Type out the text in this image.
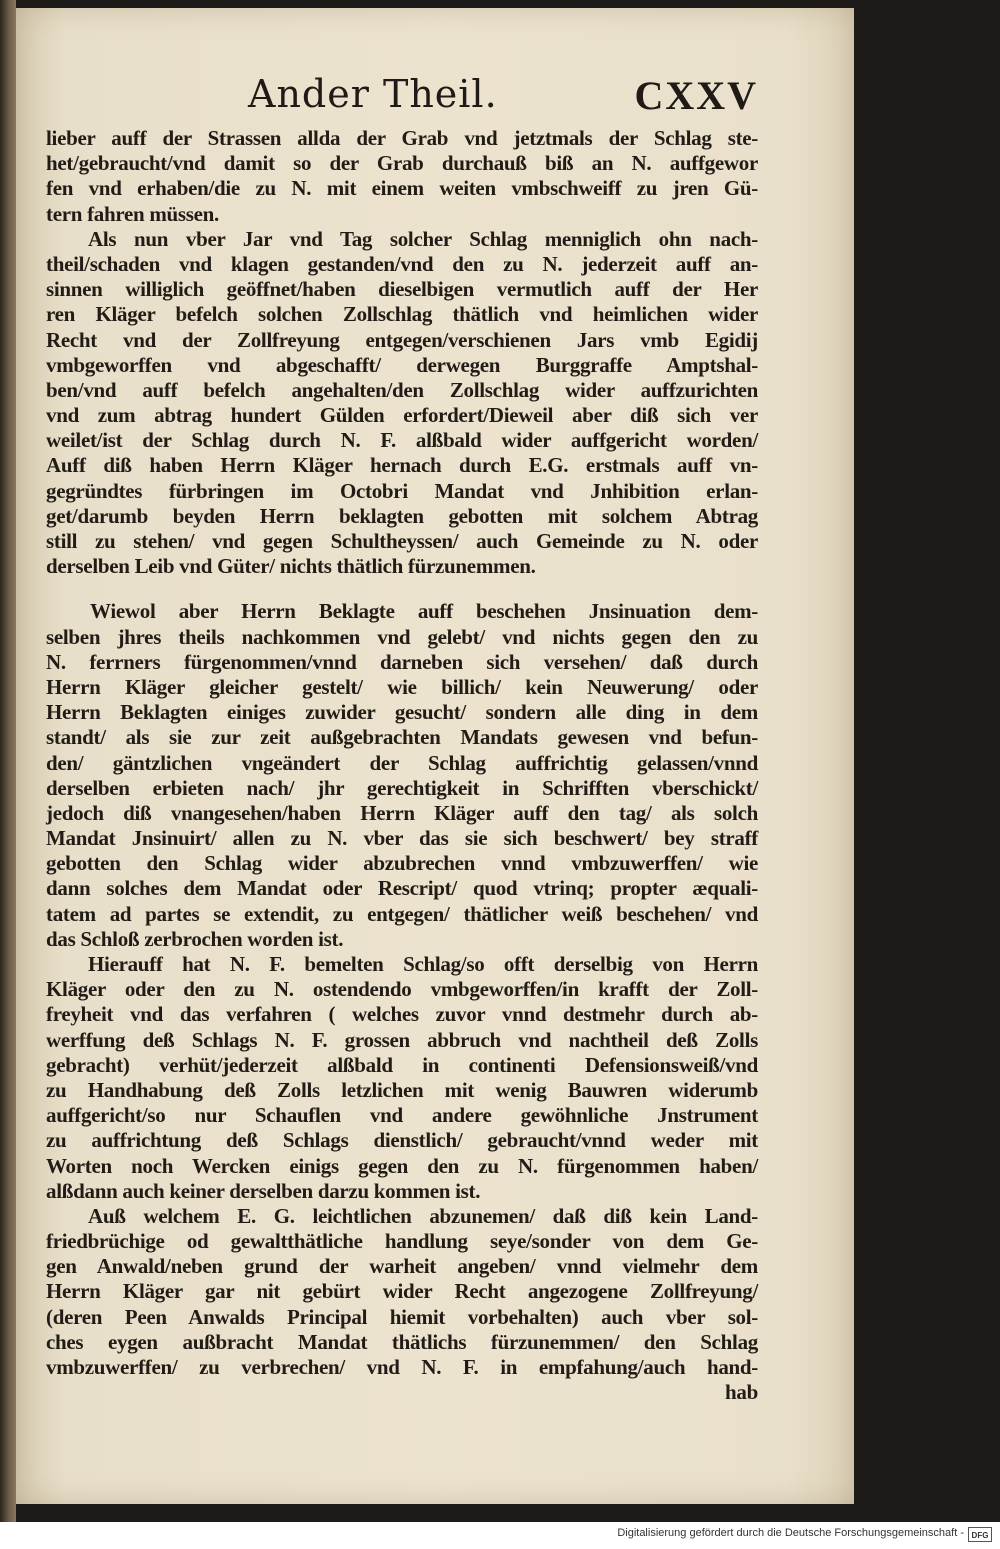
Ander Theil.	CXXV
lieber auff der Strassen allda der Grab vnd jetztmals der Schlag ste-
het/gebraucht/vnd damit so der Grab durchauß biß an N. auffgewor
fen vnd erhaben/die zu N. mit einem weiten vmbschweiff zu jren Gü-
tern fahren müssen.
Als nun vber Jar vnd Tag solcher Schlag menniglich ohn nach-
theil/schaden vnd klagen gestanden/vnd den zu N. jederzeit auff an-
sinnen williglich geöffnet/haben dieselbigen vermutlich auff der Her
ren Kläger befelch solchen Zollschlag thätlich vnd heimlichen wider
Recht vnd der Zollfreyung entgegen/verschienen Jars vmb Egidij
vmbgeworffen vnd abgeschafft/ derwegen Burggraffe Amptshal-
ben/vnd auff befelch angehalten/den Zollschlag wider auffzurichten
vnd zum abtrag hundert Gülden erfordert/Dieweil aber diß sich ver
weilet/ist der Schlag durch N. F. alßbald wider auffgericht worden/
Auff diß haben Herrn Kläger hernach durch E.G. erstmals auff vn-
gegründtes fürbringen im Octobri Mandat vnd Jnhibition erlan-
get/darumb beyden Herrn beklagten gebotten mit solchem Abtrag
still zu stehen/ vnd gegen Schultheyssen/ auch Gemeinde zu N. oder
derselben Leib vnd Güter/ nichts thätlich fürzunemmen.
Wiewol aber Herrn Beklagte auff beschehen Jnsinuation dem-
selben jhres theils nachkommen vnd gelebt/ vnd nichts gegen den zu
N. ferrners fürgenommen/vnnd darneben sich versehen/ daß durch
Herrn Kläger gleicher gestelt/ wie billich/ kein Neuwerung/ oder
Herrn Beklagten einiges zuwider gesucht/ sondern alle ding in dem
standt/ als sie zur zeit außgebrachten Mandats gewesen vnd befun-
den/ gäntzlichen vngeändert der Schlag auffrichtig gelassen/vnnd
derselben erbieten nach/ jhr gerechtigkeit in Schrifften vberschickt/
jedoch diß vnangesehen/haben Herrn Kläger auff den tag/ als solch
Mandat Jnsinuirt/ allen zu N. vber das sie sich beschwert/ bey straff
gebotten den Schlag wider abzubrechen vnnd vmbzuwerffen/ wie
dann solches dem Mandat oder Rescript/ quod vtrinq; propter æquali-
tatem ad partes se extendit, zu entgegen/ thätlicher weiß beschehen/ vnd
das Schloß zerbrochen worden ist.
Hierauff hat N. F. bemelten Schlag/so offt derselbig von Herrn
Kläger oder den zu N. ostendendo vmbgeworffen/in krafft der Zoll-
freyheit vnd das verfahren ( welches zuvor vnnd destmehr durch ab-
werffung deß Schlags N. F. grossen abbruch vnd nachtheil deß Zolls
gebracht) verhüt/jederzeit alßbald in continenti Defensionsweiß/vnd
zu Handhabung deß Zolls letzlichen mit wenig Bauwren widerumb
auffgericht/so nur Schauflen vnd andere gewöhnliche Jnstrument
zu auffrichtung deß Schlags dienstlich/ gebraucht/vnnd weder mit
Worten noch Wercken einigs gegen den zu N. fürgenommen haben/
alßdann auch keiner derselben darzu kommen ist.
Auß welchem E. G. leichtlichen abzunemen/ daß diß kein Land-
friedbrüchige od gewaltthätliche handlung seye/sonder von dem Ge-
gen Anwald/neben grund der warheit angeben/ vnnd vielmehr dem
Herrn Kläger gar nit gebürt wider Recht angezogene Zollfreyung/
(deren Peen Anwalds Principal hiemit vorbehalten) auch vber sol-
ches eygen außbracht Mandat thätlichs fürzunemmen/ den Schlag
vmbzuwerffen/ zu verbrechen/ vnd N. F. in empfahung/auch hand-
hab
Digitalisierung gefördert durch die Deutsche Forschungsgemeinschaft - DFG
